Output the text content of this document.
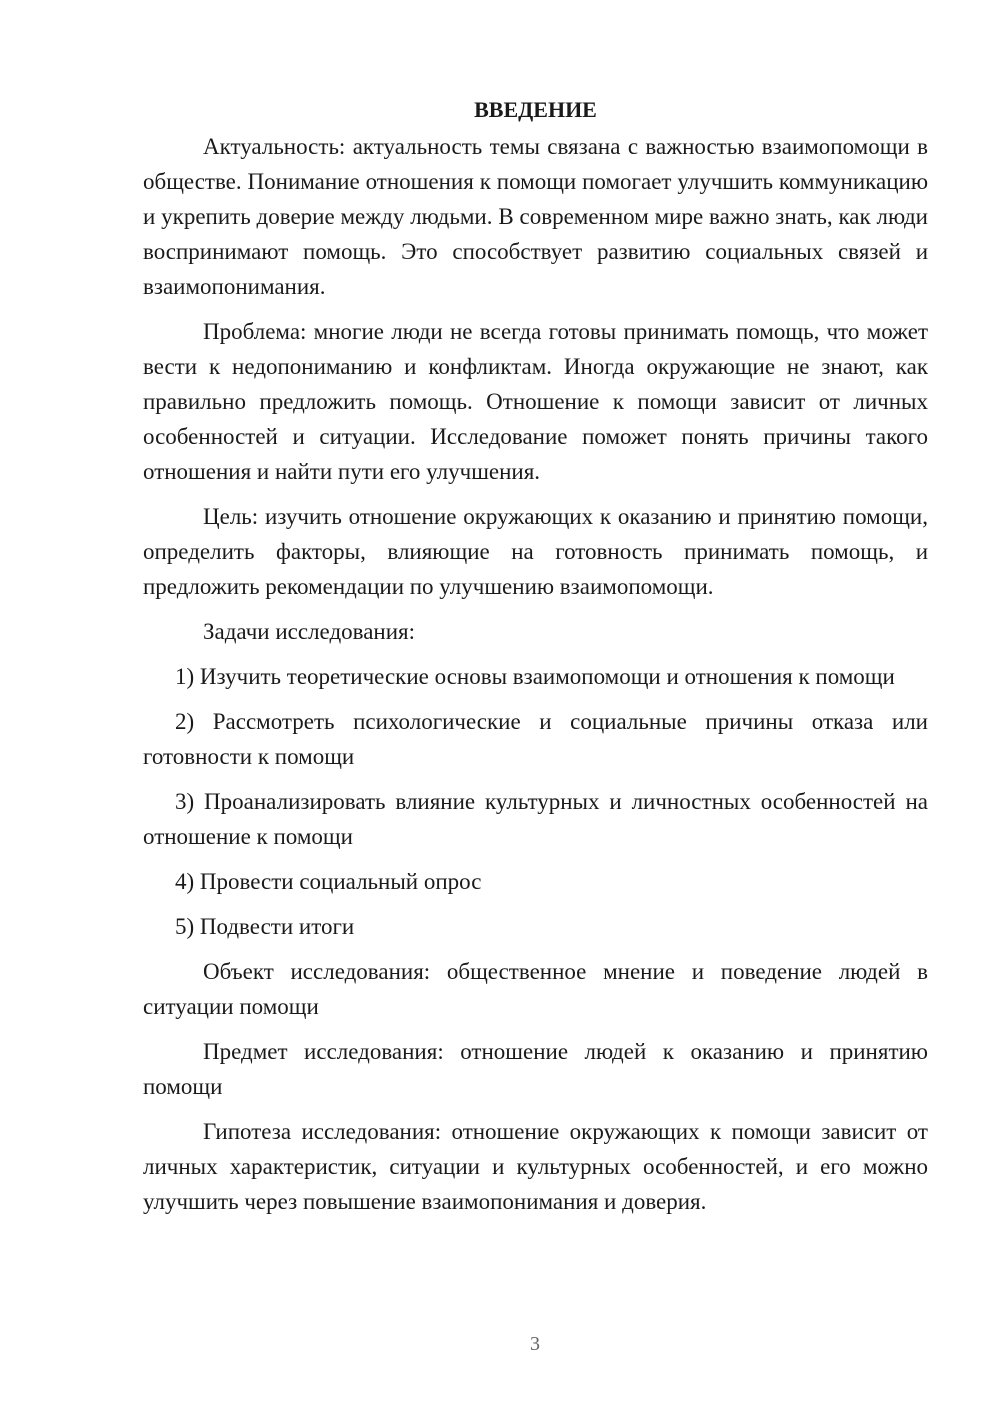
ВВЕДЕНИЕ

Актуальность: актуальность темы связана с важностью взаимопомощи в обществе. Понимание отношения к помощи помогает улучшить коммуникацию и укрепить доверие между людьми. В современном мире важно знать, как люди воспринимают помощь. Это способствует развитию социальных связей и взаимопонимания.

Проблема: многие люди не всегда готовы принимать помощь, что может вести к недопониманию и конфликтам. Иногда окружающие не знают, как правильно предложить помощь. Отношение к помощи зависит от личных особенностей и ситуации. Исследование поможет понять причины такого отношения и найти пути его улучшения.

Цель: изучить отношение окружающих к оказанию и принятию помощи, определить факторы, влияющие на готовность принимать помощь, и предложить рекомендации по улучшению взаимопомощи.

Задачи исследования:

1) Изучить теоретические основы взаимопомощи и отношения к помощи

2) Рассмотреть психологические и социальные причины отказа или готовности к помощи

3) Проанализировать влияние культурных и личностных особенностей на отношение к помощи

4) Провести социальный опрос

5) Подвести итоги

Объект исследования: общественное мнение и поведение людей в ситуации помощи

Предмет исследования: отношение людей к оказанию и принятию помощи

Гипотеза исследования: отношение окружающих к помощи зависит от личных характеристик, ситуации и культурных особенностей, и его можно улучшить через повышение взаимопонимания и доверия.

3
